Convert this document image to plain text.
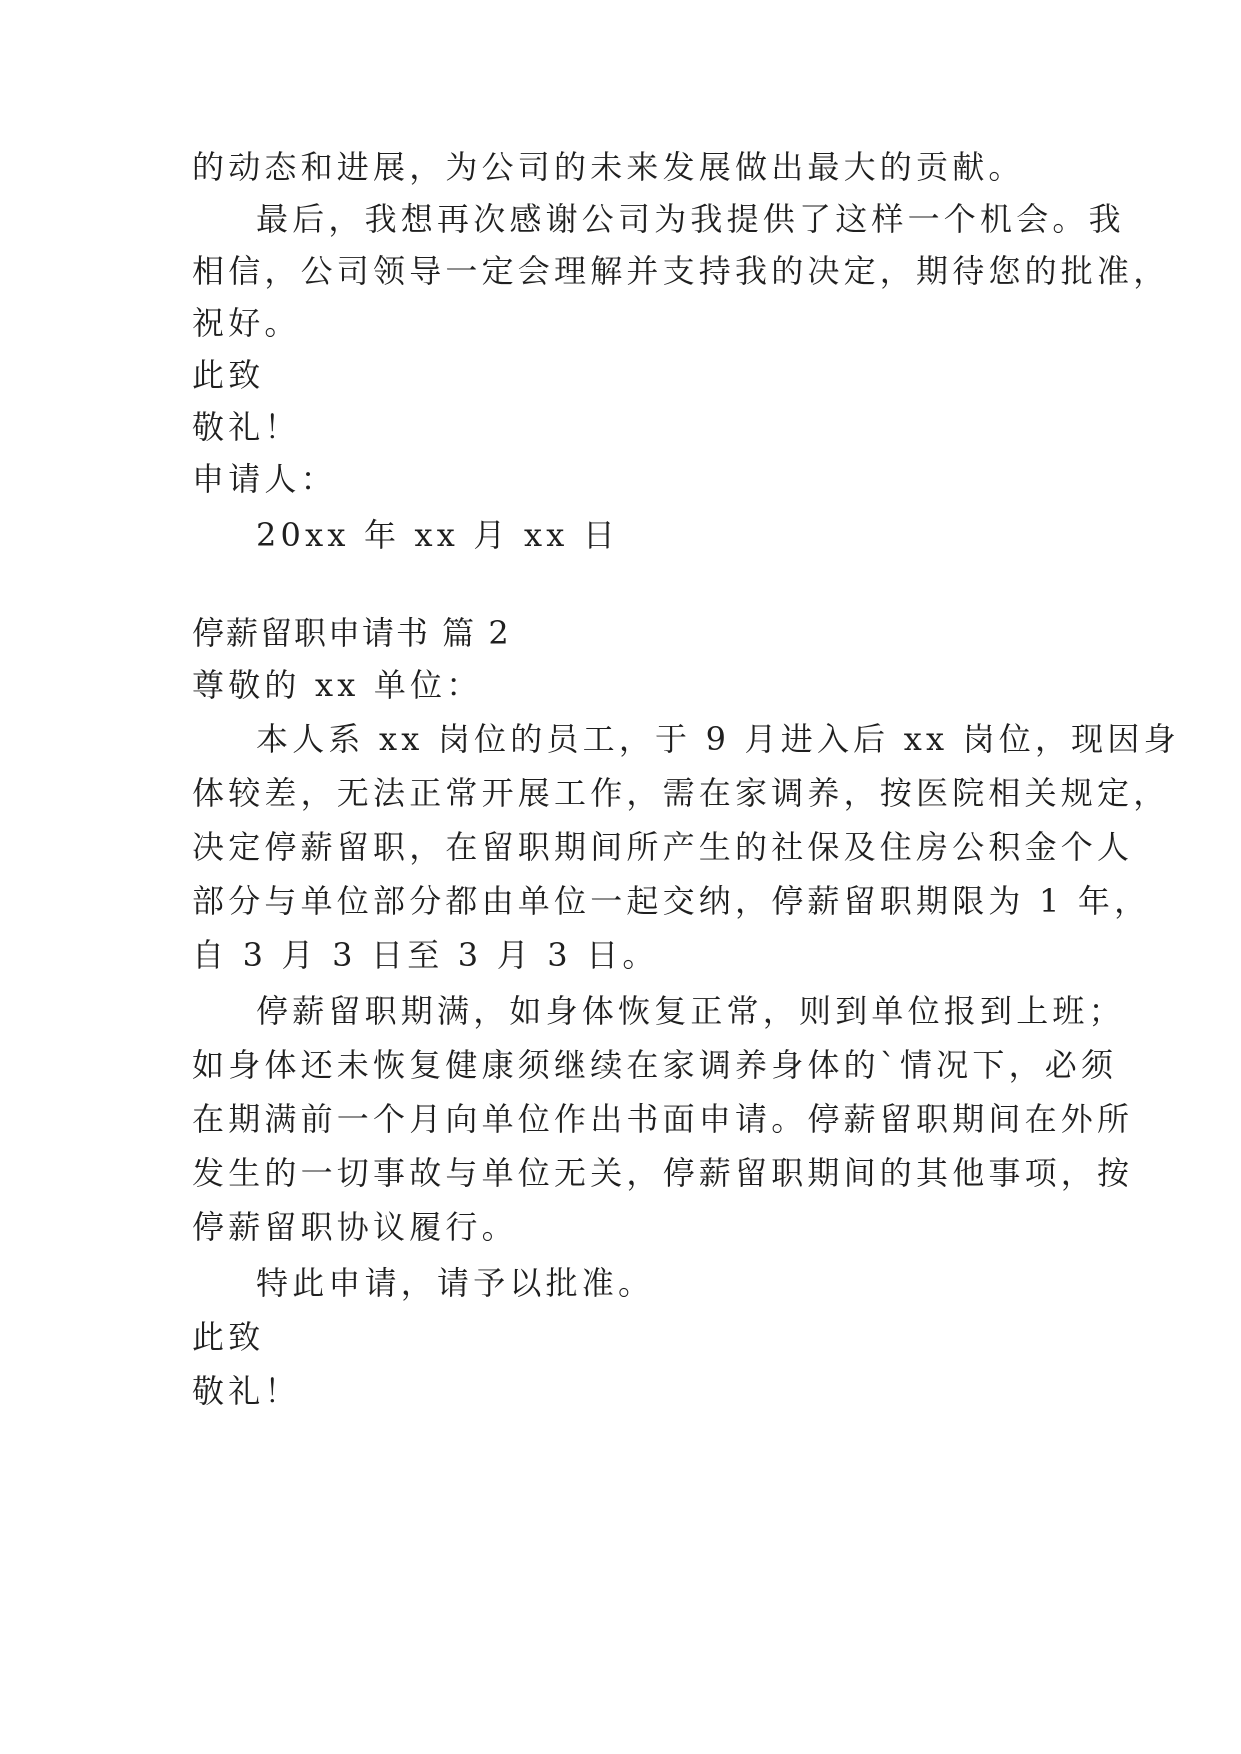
的动态和进展，为公司的未来发展做出最大的贡献。
最后，我想再次感谢公司为我提供了这样一个机会。我
相信，公司领导一定会理解并支持我的决定，期待您的批准，
祝好。
此致
敬礼！
申请人：
20xx 年 xx 月 xx 日
停薪留职申请书 篇 2
尊敬的 xx 单位：
本人系 xx 岗位的员工，于 9 月进入后 xx 岗位，现因身
体较差，无法正常开展工作，需在家调养，按医院相关规定，
决定停薪留职，在留职期间所产生的社保及住房公积金个人
部分与单位部分都由单位一起交纳，停薪留职期限为 1 年，
自 3 月 3 日至 3 月 3 日。
停薪留职期满，如身体恢复正常，则到单位报到上班；
如身体还未恢复健康须继续在家调养身体的`情况下，必须
在期满前一个月向单位作出书面申请。停薪留职期间在外所
发生的一切事故与单位无关，停薪留职期间的其他事项，按
停薪留职协议履行。
特此申请，请予以批准。
此致
敬礼！
